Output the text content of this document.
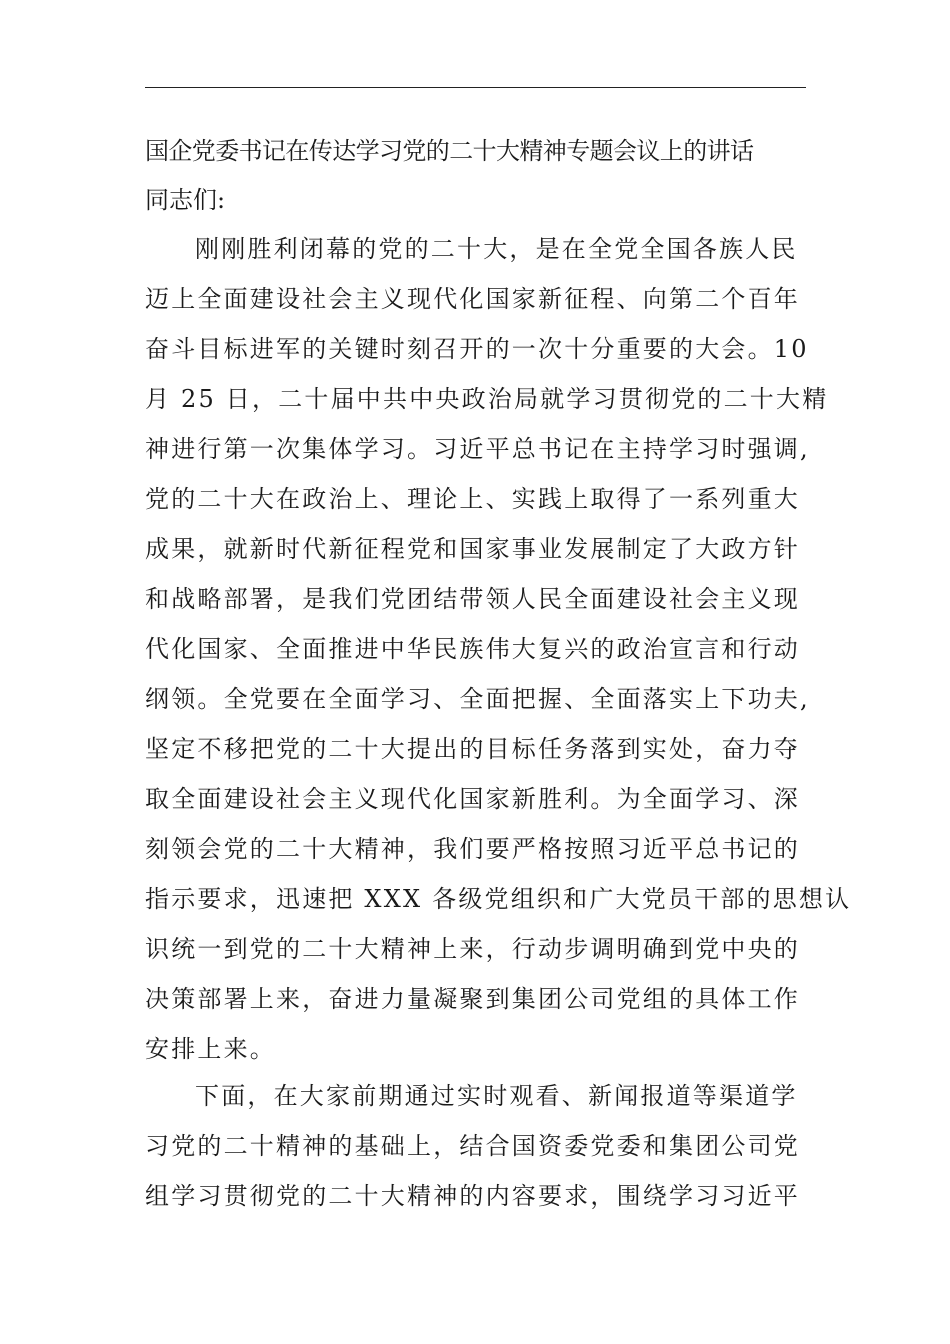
国企党委书记在传达学习党的二十大精神专题会议上的讲话
同志们:
刚刚胜利闭幕的党的二十大，是在全党全国各族人民
迈上全面建设社会主义现代化国家新征程、向第二个百年
奋斗目标进军的关键时刻召开的一次十分重要的大会。10
月 25 日，二十届中共中央政治局就学习贯彻党的二十大精
神进行第一次集体学习。习近平总书记在主持学习时强调,
党的二十大在政治上、理论上、实践上取得了一系列重大
成果，就新时代新征程党和国家事业发展制定了大政方针
和战略部署，是我们党团结带领人民全面建设社会主义现
代化国家、全面推进中华民族伟大复兴的政治宣言和行动
纲领。全党要在全面学习、全面把握、全面落实上下功夫,
坚定不移把党的二十大提出的目标任务落到实处，奋力夺
取全面建设社会主义现代化国家新胜利。为全面学习、深
刻领会党的二十大精神，我们要严格按照习近平总书记的
指示要求，迅速把 XXX 各级党组织和广大党员干部的思想认
识统一到党的二十大精神上来，行动步调明确到党中央的
决策部署上来，奋进力量凝聚到集团公司党组的具体工作
安排上来。
下面，在大家前期通过实时观看、新闻报道等渠道学
习党的二十精神的基础上，结合国资委党委和集团公司党
组学习贯彻党的二十大精神的内容要求，围绕学习习近平
